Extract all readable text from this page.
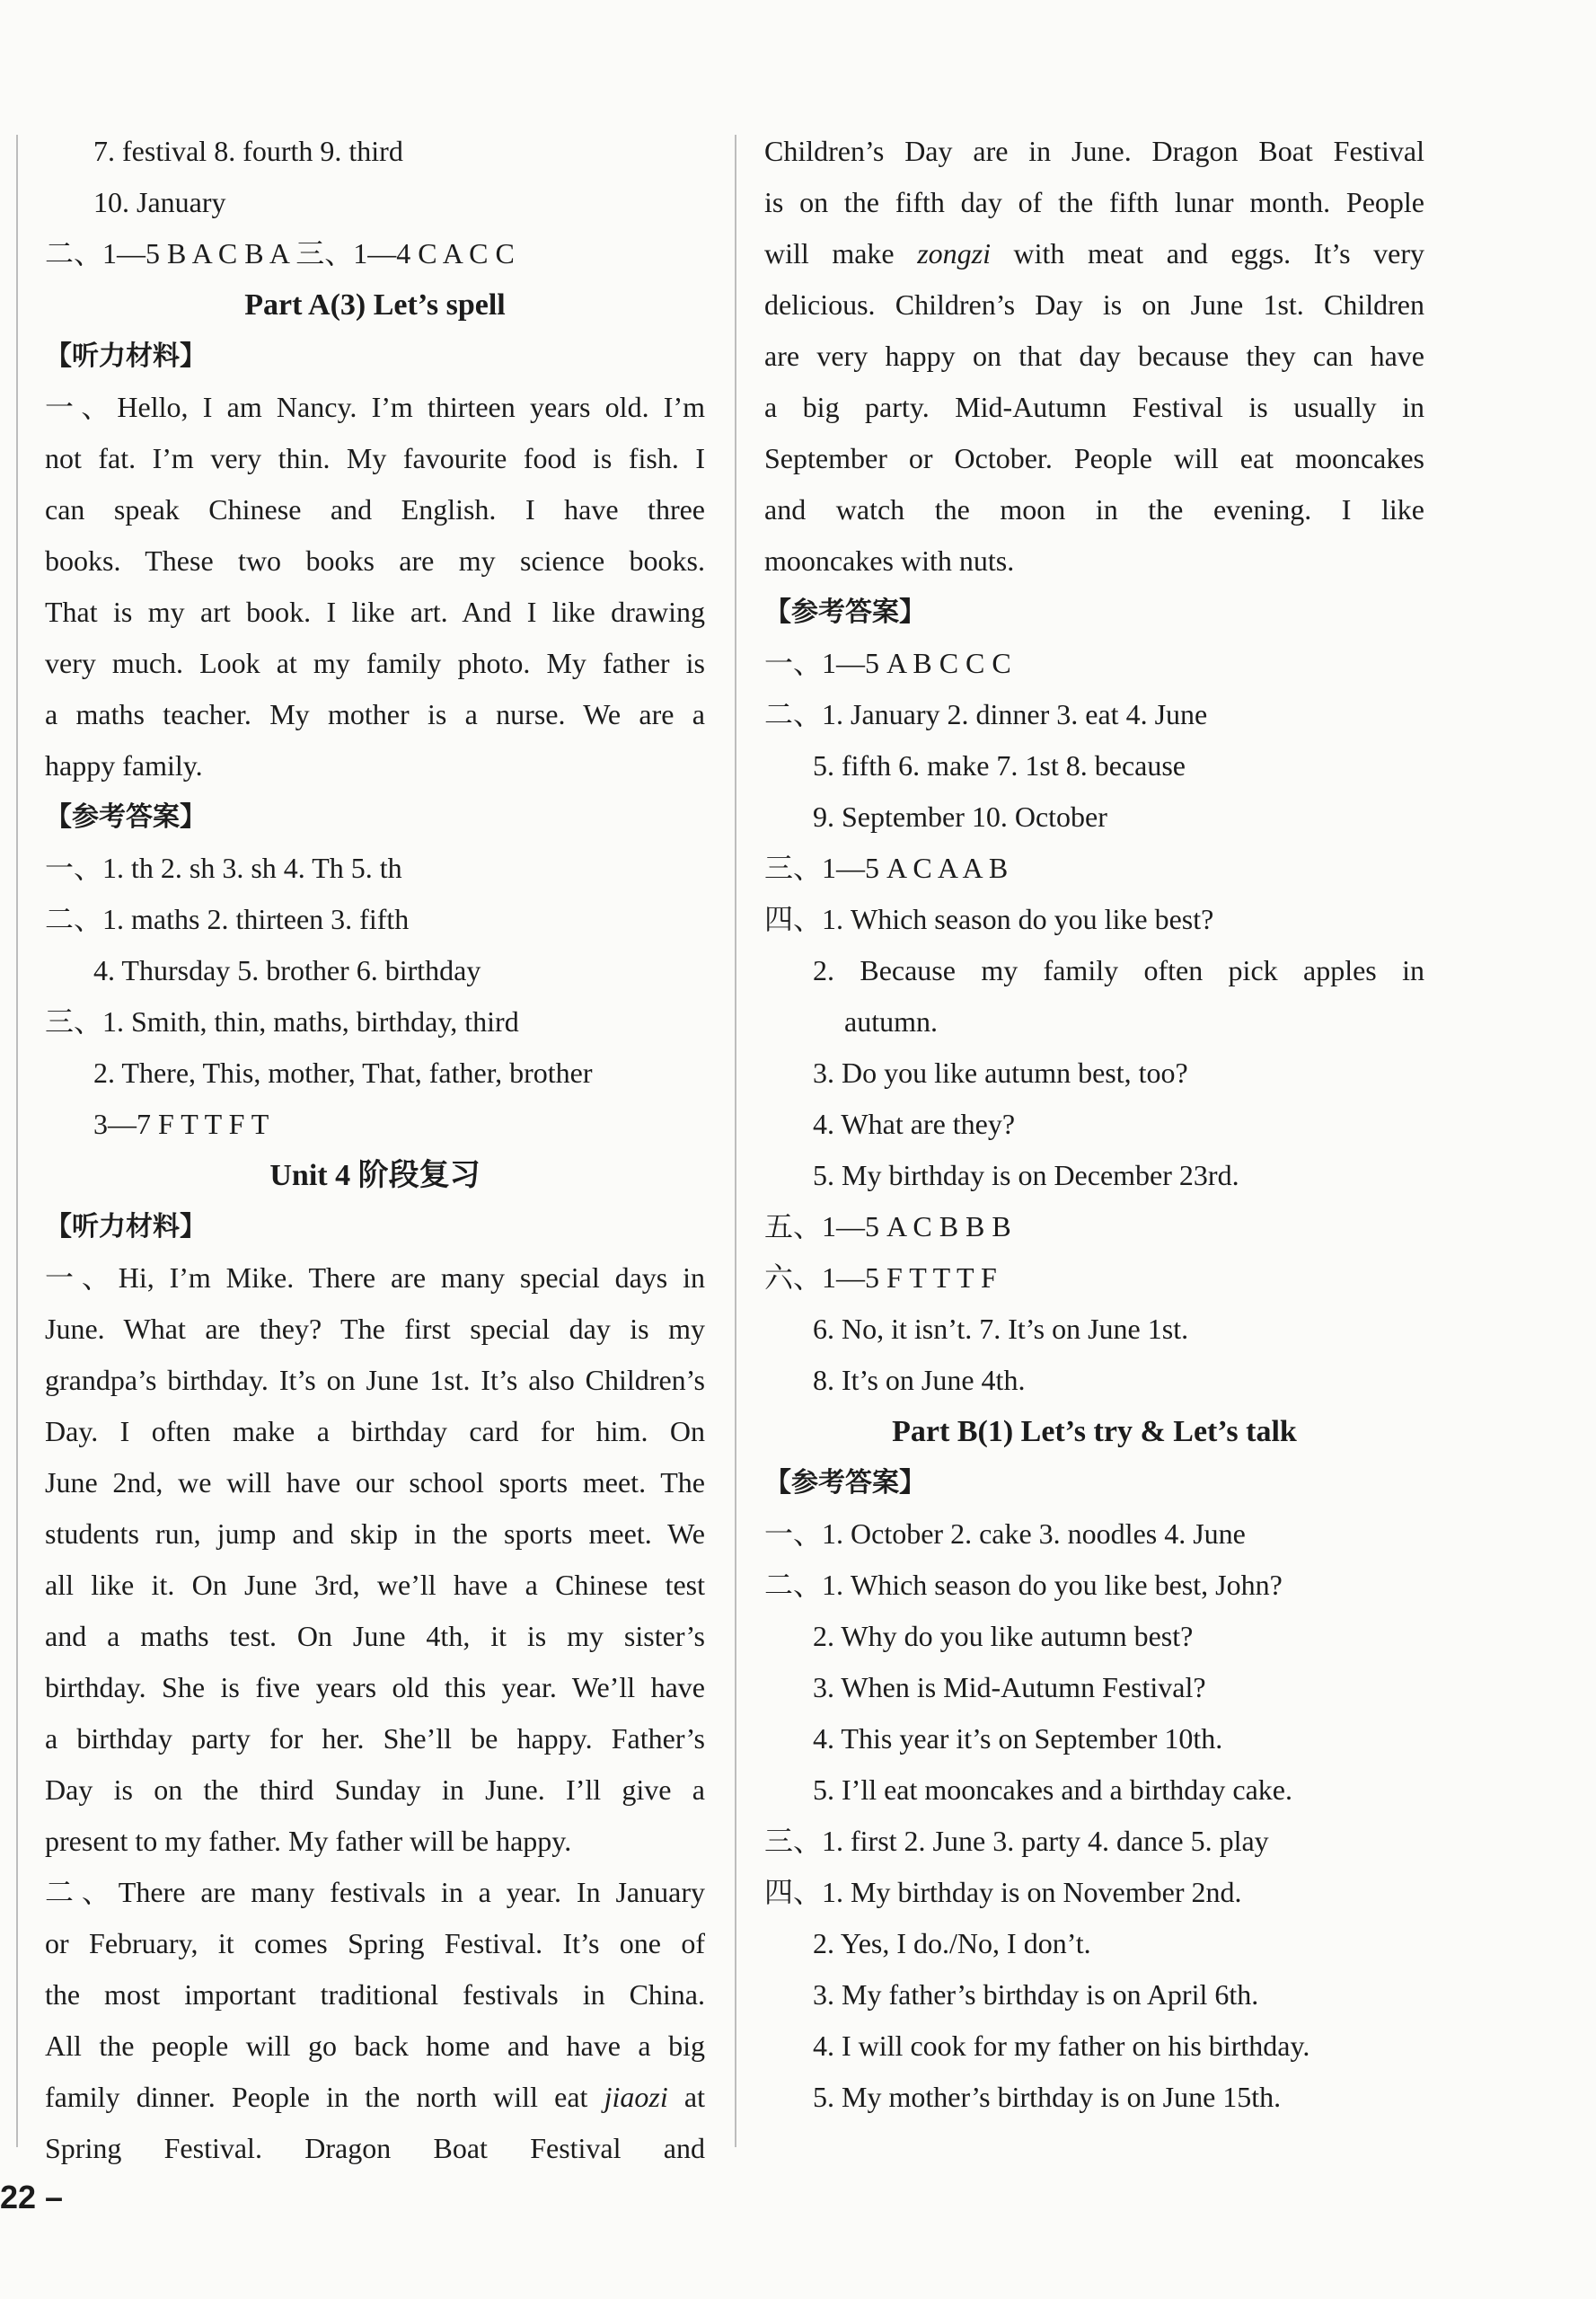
7. festival 8. fourth 9. third
10. January
二、1—5 B A C B A 三、1—4 C A C C
Part A(3) Let’s spell
【听力材料】
一、Hello, I am Nancy. I’m thirteen years old. I’m
not fat. I’m very thin. My favourite food is fish. I
can speak Chinese and English. I have three
books. These two books are my science books.
That is my art book. I like art. And I like drawing
very much. Look at my family photo. My father is
a maths teacher. My mother is a nurse. We are a
happy family.
【参考答案】
一、1. th 2. sh 3. sh 4. Th 5. th
二、1. maths 2. thirteen 3. fifth
4. Thursday 5. brother 6. birthday
三、1. Smith, thin, maths, birthday, third
2. There, This, mother, That, father, brother
3—7 F T T F T
Unit 4 阶段复习
【听力材料】
一、Hi, I’m Mike. There are many special days in
June. What are they? The first special day is my
grandpa’s birthday. It’s on June 1st. It’s also Children’s
Day. I often make a birthday card for him. On
June 2nd, we will have our school sports meet. The
students run, jump and skip in the sports meet. We
all like it. On June 3rd, we’ll have a Chinese test
and a maths test. On June 4th, it is my sister’s
birthday. She is five years old this year. We’ll have
a birthday party for her. She’ll be happy. Father’s
Day is on the third Sunday in June. I’ll give a
present to my father. My father will be happy.
二、There are many festivals in a year. In January
or February, it comes Spring Festival. It’s one of
the most important traditional festivals in China.
All the people will go back home and have a big
family dinner. People in the north will eat jiaozi at
Spring Festival. Dragon Boat Festival and
Children’s Day are in June. Dragon Boat Festival
is on the fifth day of the fifth lunar month. People
will make zongzi with meat and eggs. It’s very
delicious. Children’s Day is on June 1st. Children
are very happy on that day because they can have
a big party. Mid-Autumn Festival is usually in
September or October. People will eat mooncakes
and watch the moon in the evening. I like
mooncakes with nuts.
【参考答案】
一、1—5 A B C C C
二、1. January 2. dinner 3. eat 4. June
5. fifth 6. make 7. 1st 8. because
9. September 10. October
三、1—5 A C A A B
四、1. Which season do you like best?
2. Because my family often pick apples in
autumn.
3. Do you like autumn best, too?
4. What are they?
5. My birthday is on December 23rd.
五、1—5 A C B B B
六、1—5 F T T T F
6. No, it isn’t. 7. It’s on June 1st.
8. It’s on June 4th.
Part B(1) Let’s try & Let’s talk
【参考答案】
一、1. October 2. cake 3. noodles 4. June
二、1. Which season do you like best, John?
2. Why do you like autumn best?
3. When is Mid-Autumn Festival?
4. This year it’s on September 10th.
5. I’ll eat mooncakes and a birthday cake.
三、1. first 2. June 3. party 4. dance 5. play
四、1. My birthday is on November 2nd.
2. Yes, I do./No, I don’t.
3. My father’s birthday is on April 6th.
4. I will cook for my father on his birthday.
5. My mother’s birthday is on June 15th.
22 –
